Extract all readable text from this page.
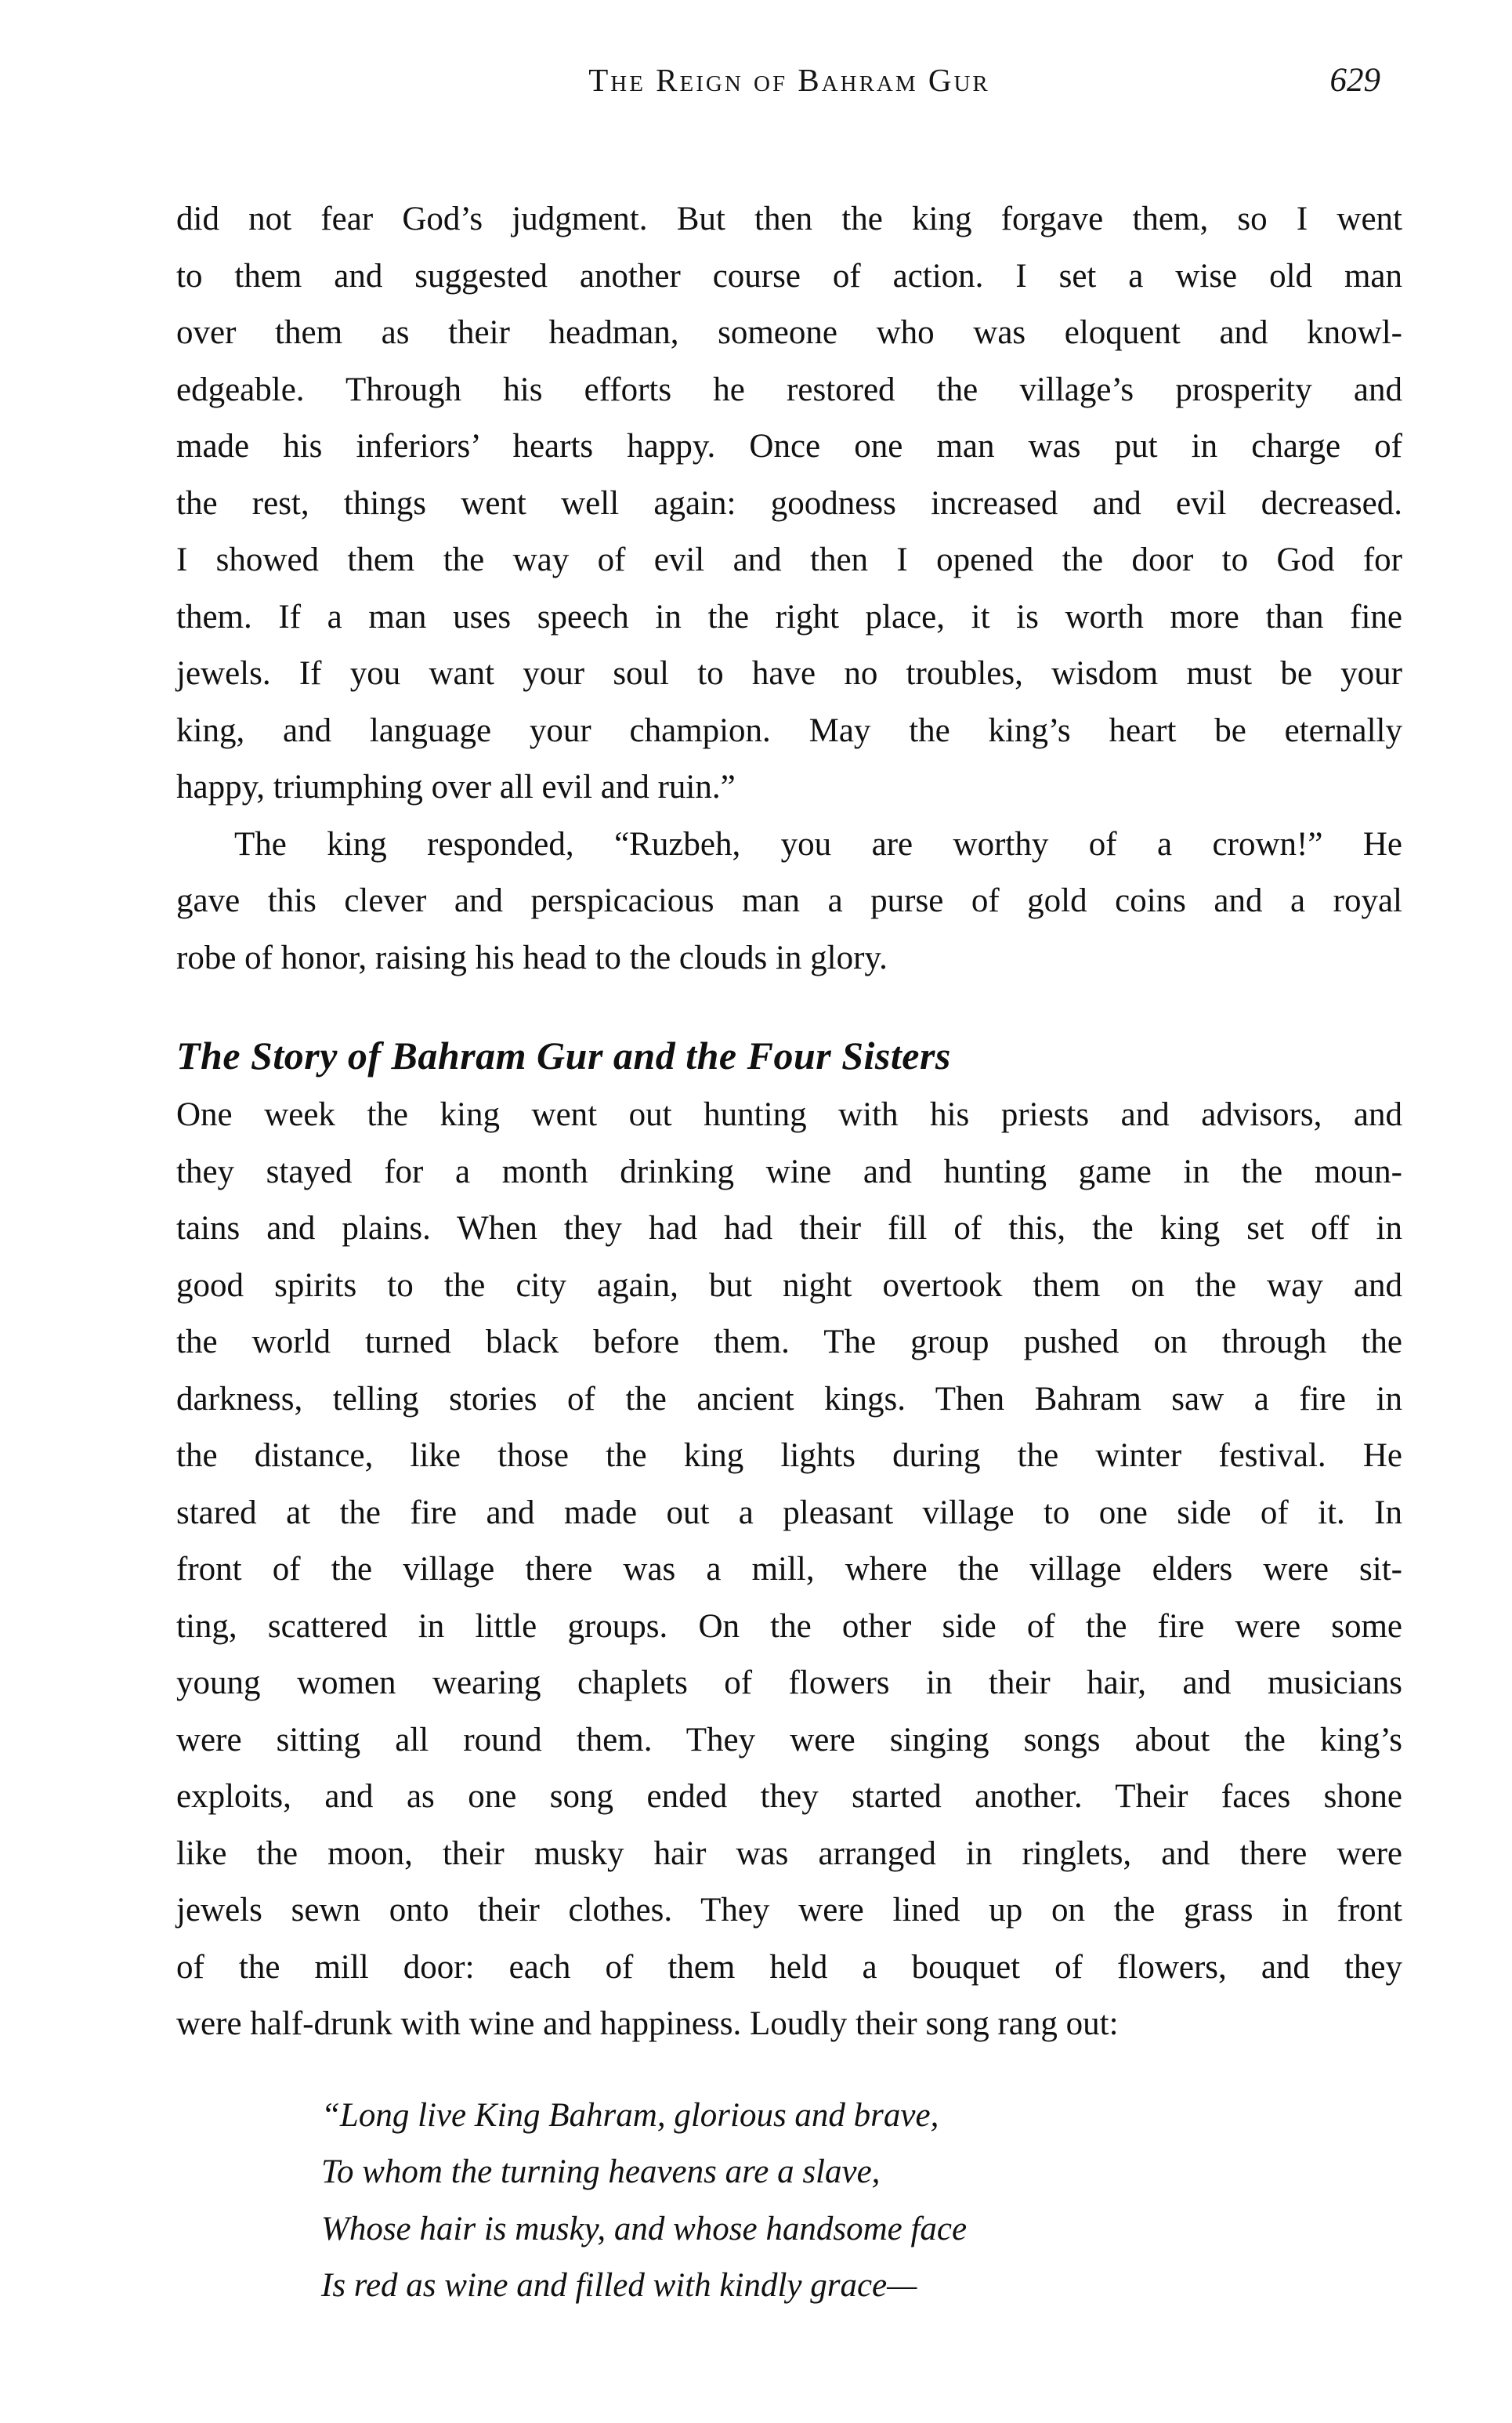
The Reign of Bahram Gur	629
did not fear God’s judgment. But then the king forgave them, so I went
to them and suggested another course of action. I set a wise old man
over them as their headman, someone who was eloquent and knowl-
edgeable. Through his efforts he restored the village’s prosperity and
made his inferiors’ hearts happy. Once one man was put in charge of
the rest, things went well again: goodness increased and evil decreased.
I showed them the way of evil and then I opened the door to God for
them. If a man uses speech in the right place, it is worth more than fine
jewels. If you want your soul to have no troubles, wisdom must be your
king, and language your champion. May the king’s heart be eternally
happy, triumphing over all evil and ruin.”
The king responded, “Ruzbeh, you are worthy of a crown!” He
gave this clever and perspicacious man a purse of gold coins and a royal
robe of honor, raising his head to the clouds in glory.
The Story of Bahram Gur and the Four Sisters
One week the king went out hunting with his priests and advisors, and
they stayed for a month drinking wine and hunting game in the moun-
tains and plains. When they had had their fill of this, the king set off in
good spirits to the city again, but night overtook them on the way and
the world turned black before them. The group pushed on through the
darkness, telling stories of the ancient kings. Then Bahram saw a fire in
the distance, like those the king lights during the winter festival. He
stared at the fire and made out a pleasant village to one side of it. In
front of the village there was a mill, where the village elders were sit-
ting, scattered in little groups. On the other side of the fire were some
young women wearing chaplets of flowers in their hair, and musicians
were sitting all round them. They were singing songs about the king’s
exploits, and as one song ended they started another. Their faces shone
like the moon, their musky hair was arranged in ringlets, and there were
jewels sewn onto their clothes. They were lined up on the grass in front
of the mill door: each of them held a bouquet of flowers, and they
were half-drunk with wine and happiness. Loudly their song rang out:
“Long live King Bahram, glorious and brave,
To whom the turning heavens are a slave,
Whose hair is musky, and whose handsome face
Is red as wine and filled with kindly grace—
